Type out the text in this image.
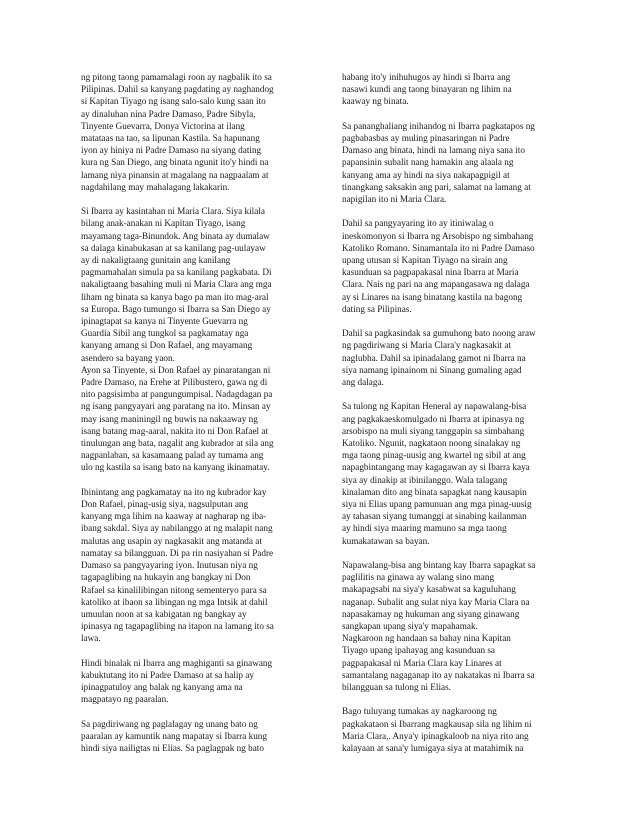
ng pitong taong pamamalagi roon ay nagbalik ito sa
Pilipinas. Dahil sa kanyang pagdating ay naghandog
si Kapitan Tiyago ng isang salo-salo kung saan ito
ay dinaluhan nina Padre Damaso, Padre Sibyla,
Tinyente Guevarra, Donya Victorina at ilang
matataas na tao, sa lipunan Kastila. Sa hapunang
iyon ay hiniya ni Padre Damaso na siyang dating
kura ng San Diego, ang binata ngunit ito'y hindi na
lamang niya pinansin at magalang na nagpaalam at
nagdahilang may mahalagang lakakarin.

Si Ibarra ay kasintahan ni Maria Clara. Siya kilala
bilang anak-anakan ni Kapitan Tiyago, isang
mayamang taga-Binundok. Ang binata ay dumalaw
sa dalaga kinabukasan at sa kanilang pag-uulayaw
ay di nakaligtaang gunitain ang kanilang
pagmamahalan simula pa sa kanilang pagkabata. Di
nakaligtaang basahing muli ni Maria Clara ang mga
liham ng binata sa kanya bago pa man ito mag-aral
sa Europa. Bago tumungo si Ibarra sa San Diego ay
ipinagtapat sa kanya ni Tinyente Guevarra ng
Guardia Sibil ang tungkol sa pagkamatay nga
kanyang amang si Don Rafael, ang mayamang
asendero sa bayang yaon.

Ayon sa Tinyente, si Don Rafael ay pinaratangan ni
Padre Damaso, na Erehe at Pilibustero, gawa ng di
nito pagsisimba at pangungumpisal. Nadagdagan pa
ng isang pangyayari ang paratang na ito. Minsan ay
may isang maniningil ng buwis na nakaaway ng
isang batang mag-aaral, nakita ito ni Don Rafael at
tinulungan ang bata, nagalit ang kubrador at sila ang
nagpanlaban, sa kasamaang palad ay tumama ang
ulo ng kastila sa isang bato na kanyang ikinamatay.

Ibinintang ang pagkamatay na ito ng kubrador kay
Don Rafael, pinag-usig siya, nagsulputan ang
kanyang mga lihim na kaaway at nagharap ng iba-
ibang sakdal. Siya ay nabilanggo at ng malapit nang
malutas ang usapin ay nagkasakit ang matanda at
namatay sa bilangguan. Di pa rin nasiyahan si Padre
Damaso sa pangyayaring iyon. Inutusan niya ng
tagapaglibing na hukayin ang bangkay ni Don
Rafael sa kinalilibingan nitong sementeryo para sa
katoliko at ibaon sa libingan ng mga Intsik at dahil
umuulan noon at sa kabigatan ng bangkay ay
ipinasya ng tagapaglibing na itapon na lamang ito sa
lawa.

Hindi binalak ni Ibarra ang maghiganti sa ginawang
kabuktutang ito ni Padre Damaso at sa halip ay
ipinagpatuloy ang balak ng kanyang ama na
magpatayo ng paaralan.

Sa pagdiriwang ng paglalagay ng unang bato ng
paaralan ay kamuntik nang mapatay si Ibarra kung
hindi siya nailigtas ni Elias. Sa paglagpak ng bato

habang ito'y inihuhugos ay hindi si Ibarra ang
nasawi kundi ang taong binayaran ng lihim na
kaaway ng binata.

Sa pananghaliang inihandog ni Ibarra pagkatapos ng
pagbabasbas ay muling pinasaringan ni Padre
Damaso ang binata, hindi na lamang niya sana ito
papansinin subalit nang hamakin ang alaala ng
kanyang ama ay hindi na siya nakapagpigil at
tinangkang saksakin ang pari, salamat na lamang at
napigilan ito ni Maria Clara.

Dahil sa pangyayaring ito ay itiniwalag o
ineskomonyon si Ibarra ng Arsobispo ng simbahang
Katoliko Romano. Sinamantala ito ni Padre Damaso
upang utusan si Kapitan Tiyago na sirain ang
kasunduan sa pagpapakasal nina Ibarra at Maria
Clara. Nais ng pari na ang mapangasawa ng dalaga
ay si Linares na isang binatang kastila na bagong
dating sa Pilipinas.

Dahil sa pagkasindak sa gumuhong bato noong araw
ng pagdiriwang si Maria Clara'y nagkasakit at
naglubha. Dahil sa ipinadalang gamot ni Ibarra na
siya namang ipinainom ni Sinang gumaling agad
ang dalaga.

Sa tulong ng Kapitan Heneral ay napawalang-bisa
ang pagkakaeskomulgado ni Ibarra at ipinasya ng
arsobispo na muli siyang tanggapin sa simbahang
Katoliko. Ngunit, nagkataon noong sinalakay ng
mga taong pinag-uusig ang kwartel ng sibil at ang
napagbintangang may kagagawan ay si Ibarra kaya
siya ay dinakip at ibinilanggo. Wala talagang
kinalaman dito ang binata sapagkat nang kausapin
siya ni Elias upang pamunuan ang mga pinag-uusig
ay tahasan siyang tumanggi at sinabing kailanman
ay hindi siya maaring mamuno sa mga taong
kumakatawan sa bayan.

Napawalang-bisa ang bintang kay Ibarra sapagkat sa
paglilitis na ginawa ay walang sino mang
makapagsabi na siya'y kasabwat sa kaguluhang
naganap. Subalit ang sulat niya kay Maria Clara na
napasakamay ng hukuman ang siyang ginawang
sangkapan upang siya'y mapahamak.

Nagkaroon ng handaan sa bahay nina Kapitan
Tiyago upang ipahayag ang kasunduan sa
pagpapakasal ni Maria Clara kay Linares at
samantalang nagaganap ito ay nakatakas ni Ibarra sa
bilangguan sa tulong ni Elias.

Bago tuluyang tumakas ay nagkaroong ng
pagkakataon si Ibarrang magkausap sila ng lihim ni
Maria Clara,. Anya'y ipinagkaloob na niya rito ang
kalayaan at sana'y lumigaya siya at matahimik na
